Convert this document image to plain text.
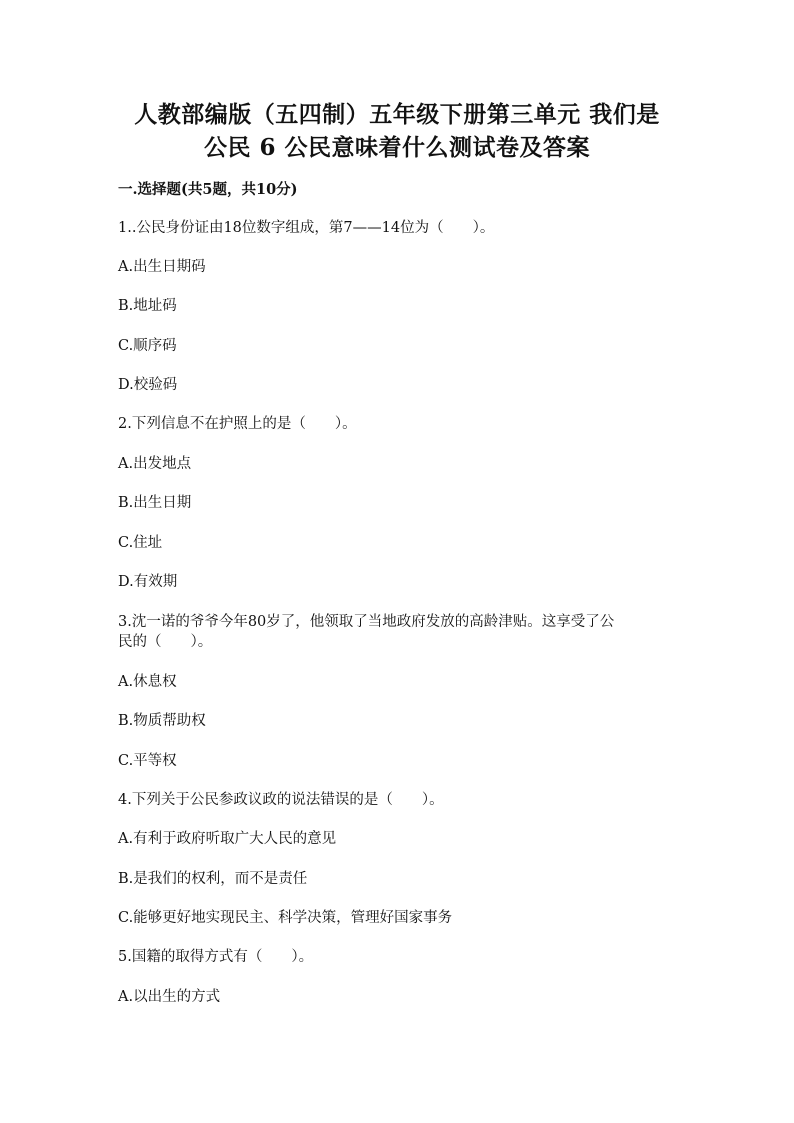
人教部编版（五四制）五年级下册第三单元 我们是
公民 6 公民意味着什么测试卷及答案
一.选择题(共5题，共10分)
1..公民身份证由18位数字组成，第7——14位为（　　）。
A.出生日期码
B.地址码
C.顺序码
D.校验码
2.下列信息不在护照上的是（　　）。
A.出发地点
B.出生日期
C.住址
D.有效期
3.沈一诺的爷爷今年80岁了，他领取了当地政府发放的高龄津贴。这享受了公
民的（　　）。
A.休息权
B.物质帮助权
C.平等权
4.下列关于公民参政议政的说法错误的是（　　）。
A.有利于政府听取广大人民的意见
B.是我们的权利，而不是责任
C.能够更好地实现民主、科学决策，管理好国家事务
5.国籍的取得方式有（　　）。
A.以出生的方式
